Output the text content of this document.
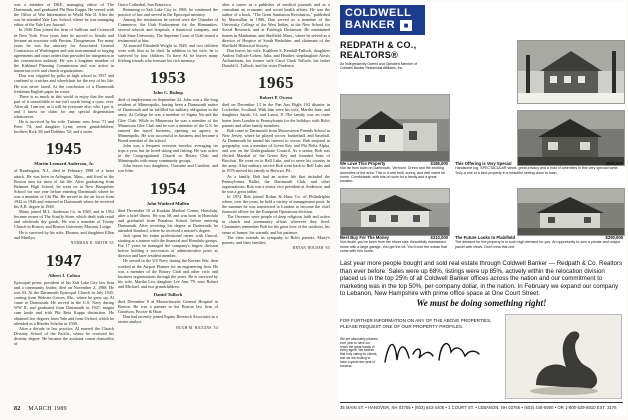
was a member of DKE, managing editor of The Dartmouth, and graduated Phi Beta Kappa. He served with the Office of War Information in World War II. After the war he attended Yale Law School, where he was managing editor of the Yale Law Journal.

In 1946 Don joined the firm of Sullivan and Cromwell in New York. Four years later he moved to Seattle and became an associate with Preston, Thorgrimson. For many years he was the attorney for Associated General Contractors of Washington and was instrumental in forging agreements and court orders that provided for integration in the construction industry. He was a longtime member of the Kirkland Planning Commission and was active in numerous civic and church organizations.

Don was crippled by polio in high school in 1937 and confined to crutches and wheelchair for the rest of his life. He was never fazed. At the conclusion of a Dartmouth freshman English paper he wrote:

There is so much in this world to enjoy that the small part of it unavailable to me isn't worth being a cynic over. After all, I am me, as it will be everyone else, who I put it, and I know no claim for any special dispensation whatsoever.

He is survived by his wife, Tatiana; sons Jesse '71 and Peter '74; and daughter Lynn; seven grandchildren; brothers Rick '40 and Dobbins '52; and a sister.

1945
Martin Leonard Anderson, Jr.

of Readington, N.J., died in February 1988 of a heart attack. He was born in Arlington, Mass., and lived in the Boston area for most of his life. After graduating from Belmont High School, he went on to New Hampshire School for one year before entering Dartmouth where he was a member of Chi Phi. He served in the air force from 1942 to 1946 and returned to Dartmouth where he received his A.B. degree in 1948.

Marty joined M.L. Anderson Co. in 1949, and in 1954 became owner of The Scruffy Store, which dealt with retail and wholesale dry goods. He was a member of Trinity Church in Boston, and Boston University Masonic Lodge.

He is survived by his wife, Eleanor, and daughters Ellen and Marilyn.

NORMAN D. SMITH '45
1947
Albert J. Colton

Episcopal priest, president of his Salt Lake City law firm and a community leader, died on November 2, 1988. He was 63. At the Dartmouth Episcopal Church in July 1945, coming from Webster Groves, Mo., where he grew up, Al came to Dartmouth. He served in the U.S. Navy during WW II, and graduated from Dartmouth in 1947, magna cum laude and with Phi Beta Kappa distinction. He obtained law degrees from Yale and from Oxford, which he attended as a Rhodes Scholar in 1949.

After a decade in law practice, Al entered the Church Divinity School of the Pacific, where he received his divinity degree. He became the assistant canon chancellor of

Grace Cathedral, San Francisco.

Returning to Salt Lake City in 1968, he continued the practice of law and served in the Episcopal ministry.

Among the institutions he served were the Chamber of Commerce, the Utah Endowment for the Humanities, several schools and hospitals, a theatrical company, and Utah State University. The Supreme Court of Utah issued a testimonial to him.

Al married Elizabeth Wright in 1948, and two children were with him as he died. In addition to his wife, he is survived by four children. To have Al, he leaves many lifelong friends who treasure his rich memory.

1953
John C. Bishop

died of emphysema on September 22. John was a life-long resident of Minneapolis, having been a Dartmouth native of Dartmouth and he fulfilled his military obligation in the army. At College he was a member of Sigma Nu and the Glee Club. While in Minnesota he was a member of the Minnesota Glee Club and he was a member of the U.S. he entered the travel business, opening an agency in Minneapolis. He was successful in business and became a Board member of the school.

John was a frequent overseas traveler, averaging six trips a year, but he loved skiing and fishing. He was active in the Congregational Church or Rotary Club and Minneapolis with many community groups.

John leaves two daughters, Christine and Caroline, and son John.

1954
John Watford Mullen

died December 18 at Kuakini Medical Center, Honolulu, after a brief illness. He was 58, and was born in Honolulu and graduated from Punahou School before entering Dartmouth. After receiving his degree at Dartmouth, he attended Stanford, where he received a master's degree.

Jack spent his entire professional career with Unocal, starting at a trainee with the financial and Honolulu groups. For 17 years he managed the company's largest division before holding a succession of administrative posts as director and later resident member.

He served in the US Navy during the Korean War, then worked as the Airport Planner for an engineering firm. He was a member of the Rotary Club and other civic and business organizations through the years. He is survived by his wife, Martha Lea, daughter Lee Ann '79, sons Robert and Michael, and two grandchildren.

Daniel Tulloch

died December 8 at Massachusetts General Hospital in Boston. He was a partner in the Boston law firm of Goodwin, Procter & Hoar.

Dan had recently joined Equity Research Associates as a senior analyst.

HUGH M. HIGGINS '54

after a career as a publisher of medical journals and as a consultant on economic and social health affairs. He was the author of a book, "The Great Sanitation Revolution," published by Macmillan in 1986. Dan served as a member of the University College of the West Indies, at the New School for Social Research, and at Fairleigh Dickinson. He maintained homes in Manhattan, and Sheffield, Mass., where he served as a director of Hospice of South Berkshire, and chairman of the Sheffield Historical Society.

Dan leaves his wife, Kathleen S. Kendall-Tulloch, daughters Andrea Tulloch-Cohen, Julia, and Heather, stepdaughter Alexis Archambeau, his former wife Carol Clark Tulloch, his father Donald G. Tulloch, and his sister Prudence.

1965
Robert P. Owens

died on December 13 in the Pan Am Flight 103 disaster in Lockerbie, Scotland. With him were his wife, Martha Jane, and daughters Sarah, 14, and Laura, 8. The family was en route home from London to Pennsylvania for the holidays with Bob's parents and other family members.

Bob came to Dartmouth from Moorestown Friends School in New Jersey, where he played soccer, basketball, and baseball. At Dartmouth he turned his interest to soccer. Bob majored in geography, was a member of Green Key and Phi Delta Alpha, and was on the Undergraduate Council. As a senior, Bob was elected Marshal of the Green Key and founded Sons of Bacchus. He went on to Bell Labs, and to serve his country in the army. After military service Bob went back to Bell Labs and in 1976 moved his family to Berwyn, PA.

As a family, Bob had an active life that included the Pennsylvania Ballet, the Dartmouth Club, and other organizations. Bob was a senior vice president at Anderson, and he was a great father.

In 1974 Bob joined Rohm & Haas Co. of Philadelphia where, over the years, he held a variety of management posts. In the summer he was transferred to London to become the chief financial officer for the European Operations division.

The Owenses were people of deep religious faith and active in church and community affairs wherever they lived. Classmates remember Bob for his great love of the outdoors, his sense of humor, his warmth, and his patience.

The class extends its sympathy to Bob's parents, Marty's parents, and their families.

BRYAN HOUSER '65
82 MARCH 1989
COLDWELL
BANKER	■
REDPATH & CO.,
REALTORS®
An Independently Owned and Operated Member of Coldwell Banker Residential Affiliates, Inc.
We Love This Property	$165,000
Not far from town on Dartmouth, Vermont. Green and the exciting amenities of the area. This is a well built, sunny, and well cared for home. Comfortable, with lots of room for a family and a great location.
This Offering is Very Special	$650,000
Handsome log, SPECTACULAR views, great privacy and a host of amenities in this very special home. Truly a one of a kind property in a beautiful setting close to town.
Best Buy For The Money	$310,000
Not doubt, you've been from the sheer size. Beautifully maintained home with a large garage. You get the lot. You'll love the extras that come with this home.
The Future Looks to Plainfield	$290,000
The demand for the property is in such high demand for you. An opportunity to own a private and unique parcel with views. Don't miss this one.
Last year more people bought and sold real estate through Coldwell Banker — Redpath & Co. Realtors than ever before. Sales were up 68%, listings were up 85%, actively within the relocation division placed us in the top 25% of all Coldwell Banker offices across the nation and our commitment to marketing was in the top 50%, per company dollar, in the nation. In February we expand our company to Lebanon, New Hampshire with prime office space at One Court Street.
We must be doing something right!
FOR FURTHER INFORMATION ON ANY OF THE ABOVE PROPERTIES,
PLEASE REQUEST ONE OF OUR PROPERTY PROFILES.
We are absolutely pleased ever year to have our reach the great hands of every agent. We believe that truly caring for clients, and we are looking to have a great new year of success.
35 MAIN ST. • HANOVER, NH 03755 • (603) 643-4405 • 1 COURT ST. • LEBANON, NH 03766 • (603) 448-6900 • OR 1-800-529-8910 EXT. 3176
